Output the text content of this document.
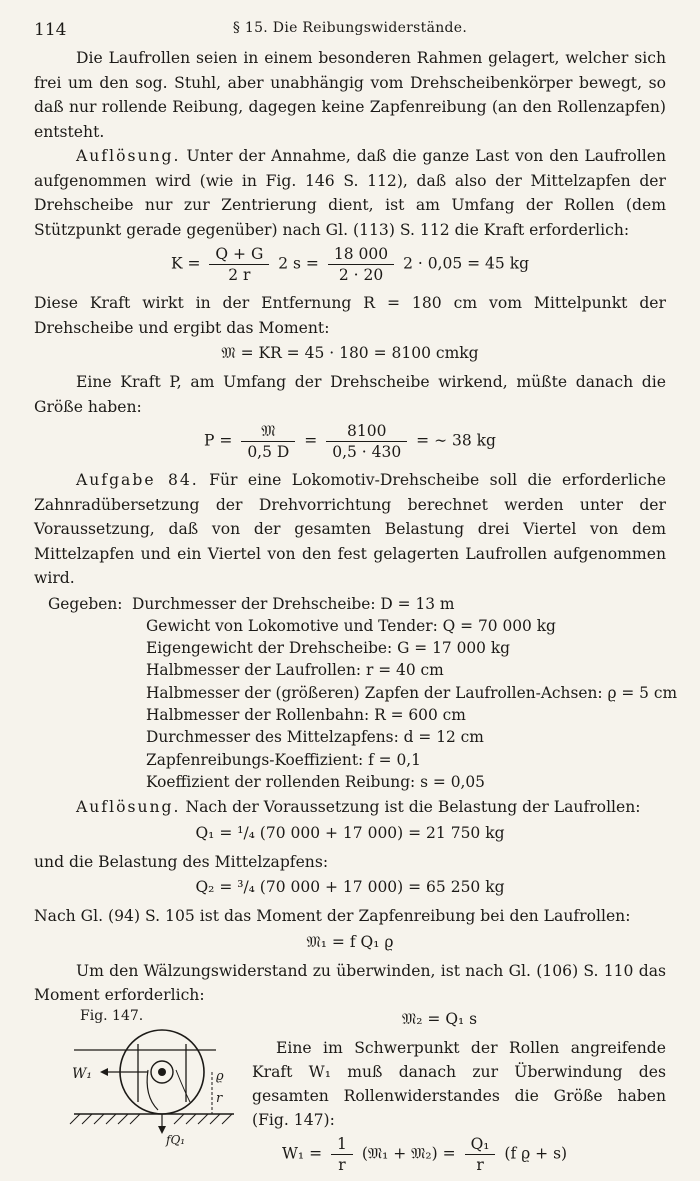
114	§ 15. Die Reibungswiderstände.

Die Laufrollen seien in einem besonderen Rahmen gelagert, welcher sich frei um den sog. Stuhl, aber unabhängig vom Drehscheibenkörper bewegt, so daß nur rollende Reibung, dagegen keine Zapfenreibung (an den Rollenzapfen) entsteht.

Auflösung. Unter der Annahme, daß die ganze Last von den Laufrollen aufgenommen wird (wie in Fig. 146 S. 112), daß also der Mittelzapfen der Drehscheibe nur zur Zentrierung dient, ist am Umfang der Rollen (dem Stützpunkt gerade gegenüber) nach Gl. (113) S. 112 die Kraft erforderlich:

$K = \frac{Q + G}{2 r} 2$ $s = \frac{18 000}{2 \cdot 20} 2 \cdot 0,05 = 45$ kg

Diese Kraft wirkt in der Entfernung R = 180 cm vom Mittelpunkt der Drehscheibe und ergibt das Moment:

𝔐 = KR = 45 · 180 = 8100 cmkg

Eine Kraft P, am Umfang der Drehscheibe wirkend, müßte danach die Größe haben:

$P = \frac{\text{𝔐}}{0,5 D} = \frac{8100}{0,5 \cdot 430}$ = ∼ 38 kg

Aufgabe 84. Für eine Lokomotiv-Drehscheibe soll die erforderliche Zahnradübersetzung der Drehvorrichtung berechnet werden unter der Voraussetzung, daß von der gesamten Belastung drei Viertel von dem Mittelzapfen und ein Viertel von den fest gelagerten Laufrollen aufgenommen wird.

Gegeben: Durchmesser der Drehscheibe: D = 13 m
Gewicht von Lokomotive und Tender: Q = 70 000 kg
Eigengewicht der Drehscheibe: G = 17 000 kg
Halbmesser der Laufrollen: r = 40 cm
Halbmesser der (größeren) Zapfen der Laufrollen-Achsen: ϱ = 5 cm
Halbmesser der Rollenbahn: R = 600 cm
Durchmesser des Mittelzapfens: d = 12 cm
Zapfenreibungs-Koeffizient: f = 0,1
Koeffizient der rollenden Reibung: s = 0,05

Auflösung. Nach der Voraussetzung ist die Belastung der Laufrollen:

Q₁ = ¹/₄ (70 000 + 17 000) = 21 750 kg

und die Belastung des Mittelzapfens:

Q₂ = ³/₄ (70 000 + 17 000) = 65 250 kg

Nach Gl. (94) S. 105 ist das Moment der Zapfenreibung bei den Laufrollen:

𝔐₁ = f Q₁ ϱ

Um den Wälzungswiderstand zu überwinden, ist nach Gl. (106) S. 110 das Moment erforderlich:

Fig. 147.
W₁	ϱ
r
fQ₁
𝔐₂ = Q₁ s

Eine im Schwerpunkt der Rollen angreifende Kraft W₁ muß danach zur Überwindung des gesamten Rollenwiderstandes die Größe haben (Fig. 147):

$W_1 = \frac{1}{r}$ (𝔐₁ + 𝔐₂) = $\frac{\text{Q₁}}{r} (f$ ϱ + s)
